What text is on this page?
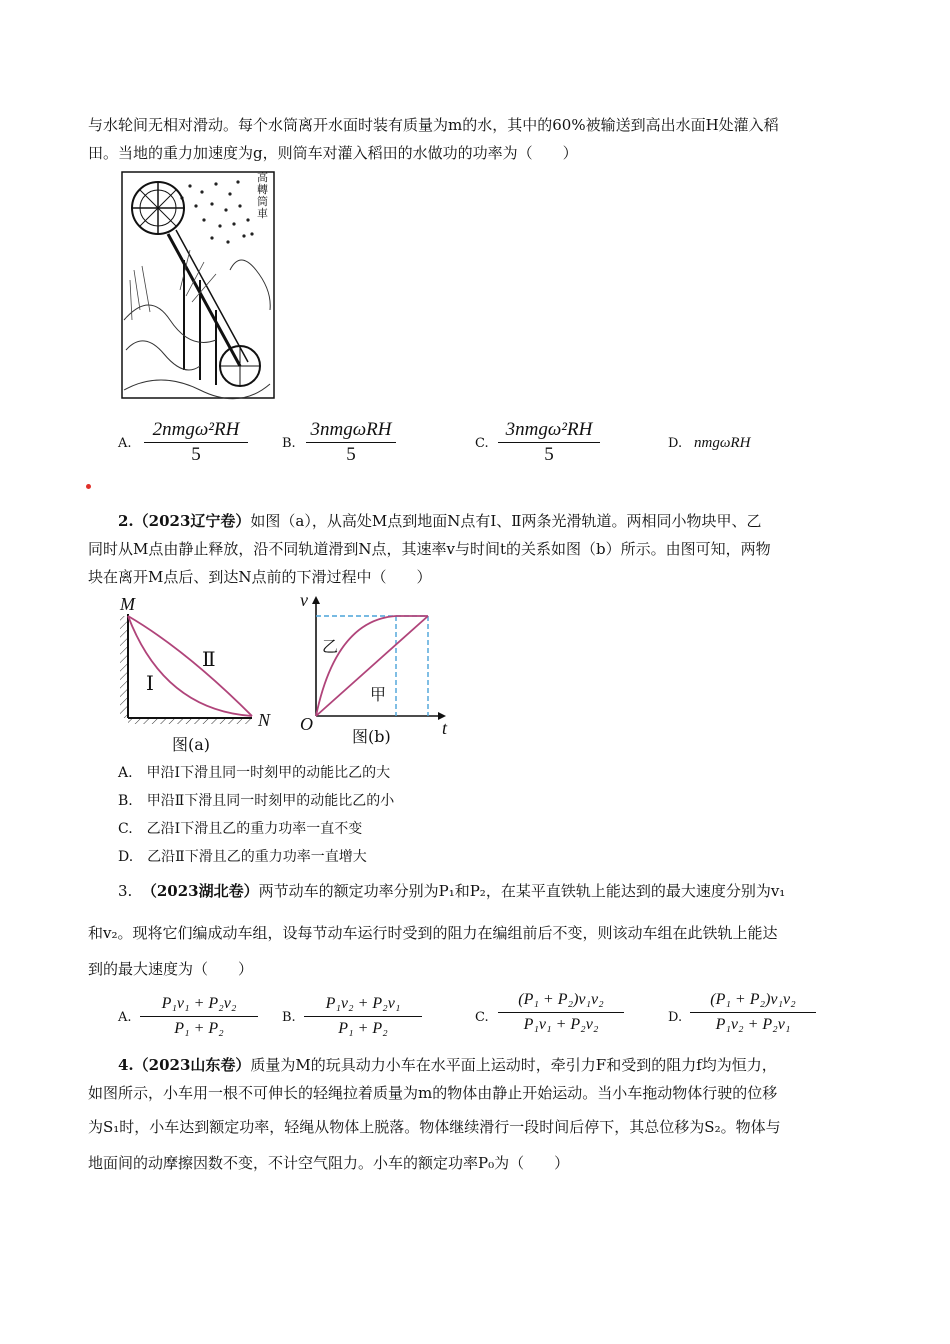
与水轮间无相对滑动。每个水筒离开水面时装有质量为m的水，其中的60%被输送到高出水面H处灌入稻
田。当地的重力加速度为g，则筒车对灌入稻田的水做功的功率为（　　）
高轉筒車
A.
2nmgω²RH
5
B.
3nmgωRH
5
C.
3nmgω²RH
5
D. nmgωRH
2.（2023辽宁卷）如图（a），从高处M点到地面N点有Ⅰ、Ⅱ两条光滑轨道。两相同小物块甲、乙
同时从M点由静止释放，沿不同轨道滑到N点，其速率v与时间t的关系如图（b）所示。由图可知，两物
块在离开M点后、到达N点前的下滑过程中（　　）
M
N
Ⅰ
Ⅱ
图(a)
v
t
O
乙
甲
图(b)
A.　甲沿Ⅰ下滑且同一时刻甲的动能比乙的大
B.　甲沿Ⅱ下滑且同一时刻甲的动能比乙的小
C.　乙沿Ⅰ下滑且乙的重力功率一直不变
D.　乙沿Ⅱ下滑且乙的重力功率一直增大
3. （2023湖北卷）两节动车的额定功率分别为P₁和P₂，在某平直铁轨上能达到的最大速度分别为v₁
和v₂。现将它们编成动车组，设每节动车运行时受到的阻力在编组前后不变，则该动车组在此铁轨上能达
到的最大速度为（　　）
A.
P₁v₁ + P₂v₂
P₁ + P₂
B.
P₁v₂ + P₂v₁
P₁ + P₂
C.
(P₁ + P₂)v₁v₂
P₁v₁ + P₂v₂	D.
(P₁ + P₂)v₁v₂
P₁v₂ + P₂v₁
4.（2023山东卷）质量为M的玩具动力小车在水平面上运动时，牵引力F和受到的阻力f均为恒力，
如图所示，小车用一根不可伸长的轻绳拉着质量为m的物体由静止开始运动。当小车拖动物体行驶的位移
为S₁时，小车达到额定功率，轻绳从物体上脱落。物体继续滑行一段时间后停下，其总位移为S₂。物体与
地面间的动摩擦因数不变，不计空气阻力。小车的额定功率P₀为（　　）
